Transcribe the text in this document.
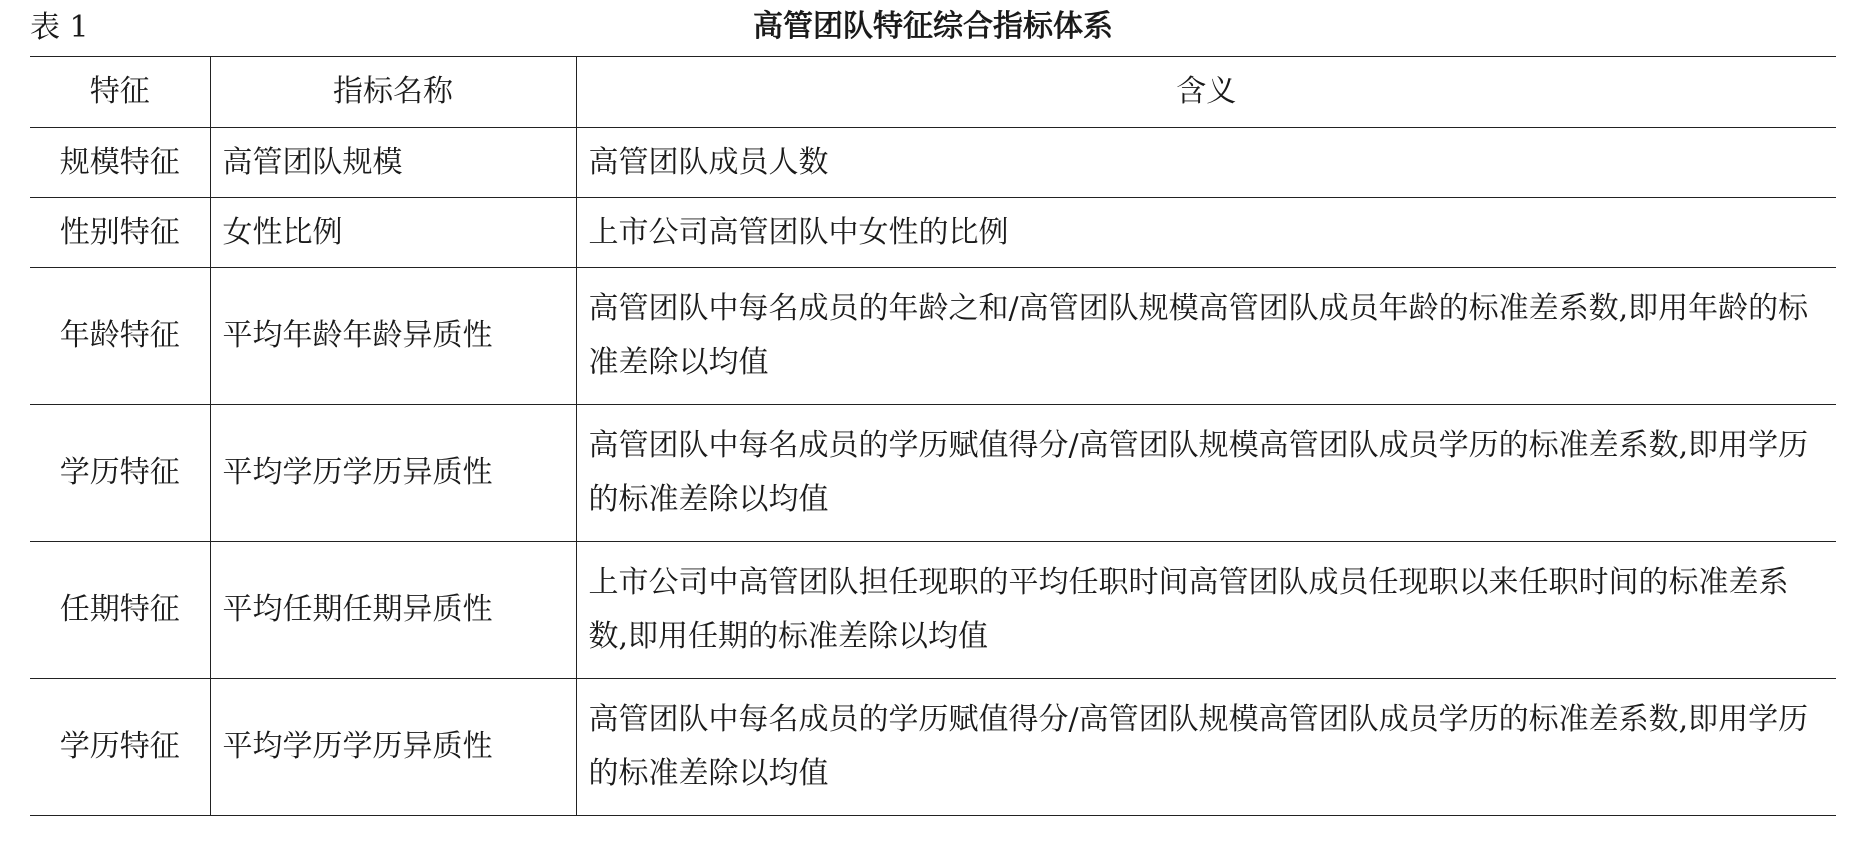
表 1	高管团队特征综合指标体系
特征	指标名称	含义
规模特征	高管团队规模	高管团队成员人数
性别特征	女性比例	上市公司高管团队中女性的比例
年龄特征	平均年龄年龄异质性	高管团队中每名成员的年龄之和/高管团队规模高管团队成员年龄的标准差系数,即用年龄的标准差除以均值
学历特征	平均学历学历异质性	高管团队中每名成员的学历赋值得分/高管团队规模高管团队成员学历的标准差系数,即用学历的标准差除以均值
任期特征	平均任期任期异质性	上市公司中高管团队担任现职的平均任职时间高管团队成员任现职以来任职时间的标准差系数,即用任期的标准差除以均值
学历特征	平均学历学历异质性	高管团队中每名成员的学历赋值得分/高管团队规模高管团队成员学历的标准差系数,即用学历的标准差除以均值
